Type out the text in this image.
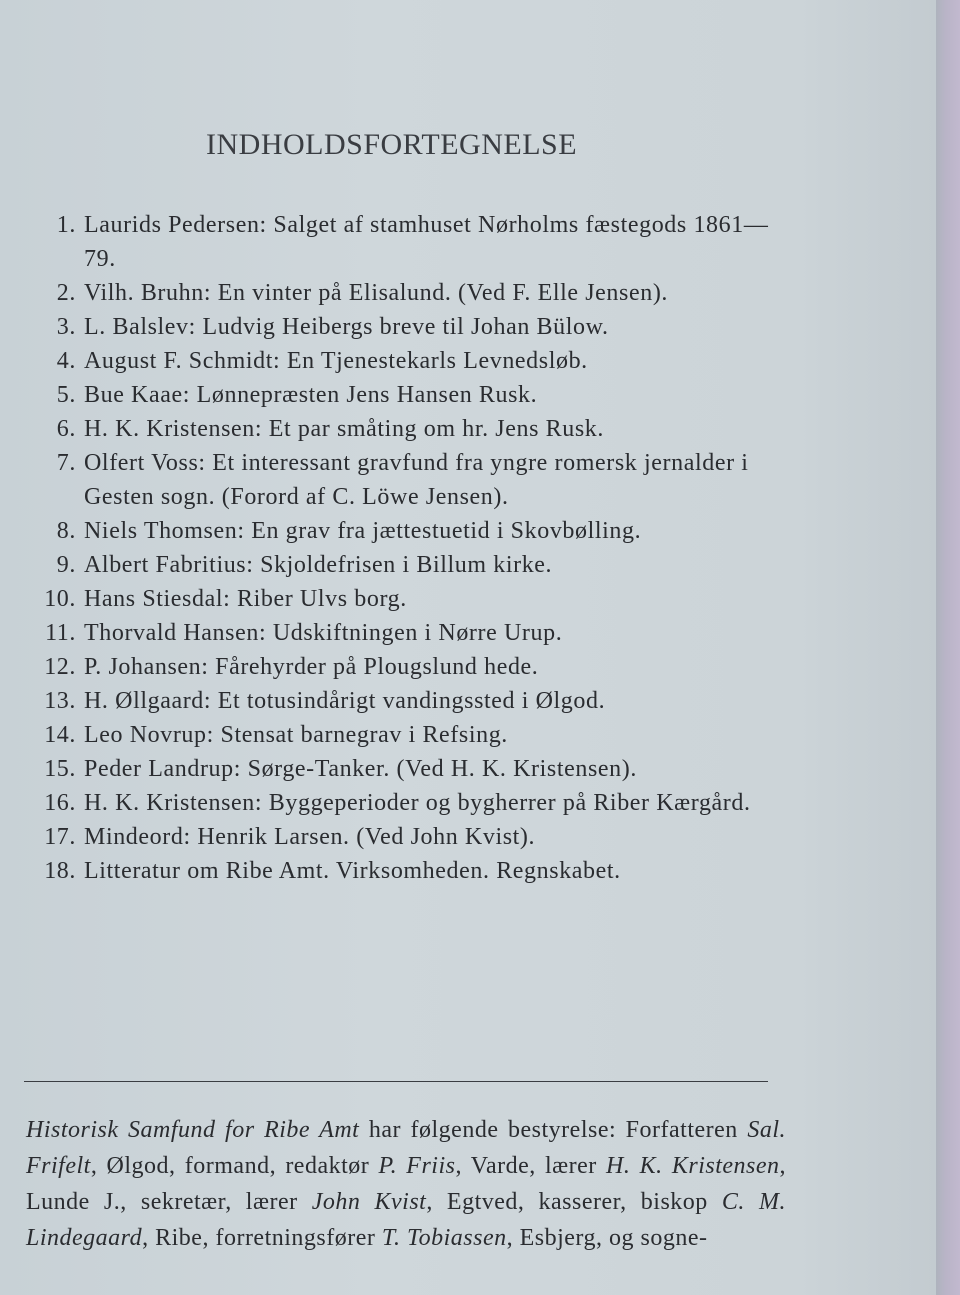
INDHOLDSFORTEGNELSE
1. Laurids Pedersen: Salget af stamhuset Nørholms fæstegods 1861—79.
2. Vilh. Bruhn: En vinter på Elisalund. (Ved F. Elle Jensen).
3. L. Balslev: Ludvig Heibergs breve til Johan Bülow.
4. August F. Schmidt: En Tjenestekarls Levnedsløb.
5. Bue Kaae: Lønnepræsten Jens Hansen Rusk.
6. H. K. Kristensen: Et par småting om hr. Jens Rusk.
7. Olfert Voss: Et interessant gravfund fra yngre romersk jernalder i Gesten sogn. (Forord af C. Löwe Jensen).
8. Niels Thomsen: En grav fra jættestuetid i Skovbølling.
9. Albert Fabritius: Skjoldefrisen i Billum kirke.
10. Hans Stiesdal: Riber Ulvs borg.
11. Thorvald Hansen: Udskiftningen i Nørre Urup.
12. P. Johansen: Fårehyrder på Plougslund hede.
13. H. Øllgaard: Et totusindårigt vandingssted i Ølgod.
14. Leo Novrup: Stensat barnegrav i Refsing.
15. Peder Landrup: Sørge-Tanker. (Ved H. K. Kristensen).
16. H. K. Kristensen: Byggeperioder og bygherrer på Riber Kærgård.
17. Mindeord: Henrik Larsen. (Ved John Kvist).
18. Litteratur om Ribe Amt. Virksomheden. Regnskabet.
Historisk Samfund for Ribe Amt har følgende bestyrelse: Forfatteren Sal. Frifelt, Ølgod, formand, redaktør P. Friis, Varde, lærer H. K. Kristensen, Lunde J., sekretær, lærer John Kvist, Egtved, kasserer, biskop C. M. Lindegaard, Ribe, forretningsfører T. Tobiassen, Esbjerg, og sogne-
